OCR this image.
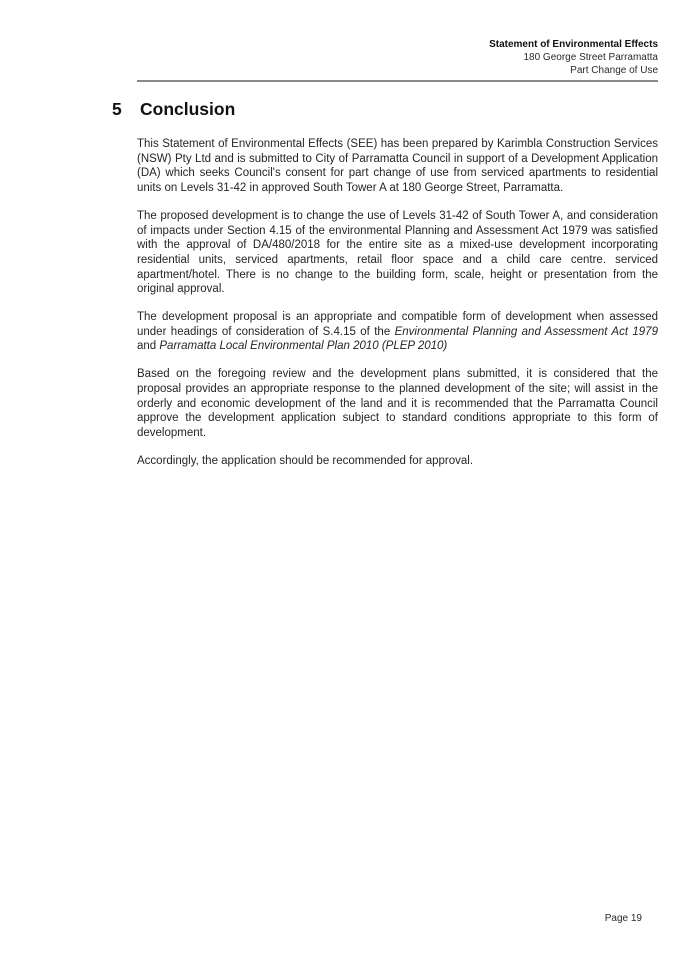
Statement of Environmental Effects
180 George Street Parramatta
Part Change of Use
5	Conclusion

This Statement of Environmental Effects (SEE) has been prepared by Karimbla Construction Services (NSW) Pty Ltd and is submitted to City of Parramatta Council in support of a Development Application (DA) which seeks Council's consent for part change of use from serviced apartments to residential units on Levels 31-42 in approved South Tower A at 180 George Street, Parramatta.

The proposed development is to change the use of Levels 31-42 of South Tower A, and consideration of impacts under Section 4.15 of the environmental Planning and Assessment Act 1979 was satisfied with the approval of DA/480/2018 for the entire site as a mixed-use development incorporating residential units, serviced apartments, retail floor space and a child care centre. serviced apartment/hotel. There is no change to the building form, scale, height or presentation from the original approval.

The development proposal is an appropriate and compatible form of development when assessed under headings of consideration of S.4.15 of the Environmental Planning and Assessment Act 1979 and Parramatta Local Environmental Plan 2010 (PLEP 2010)

Based on the foregoing review and the development plans submitted, it is considered that the proposal provides an appropriate response to the planned development of the site; will assist in the orderly and economic development of the land and it is recommended that the Parramatta Council approve the development application subject to standard conditions appropriate to this form of development.

Accordingly, the application should be recommended for approval.

Page 19
